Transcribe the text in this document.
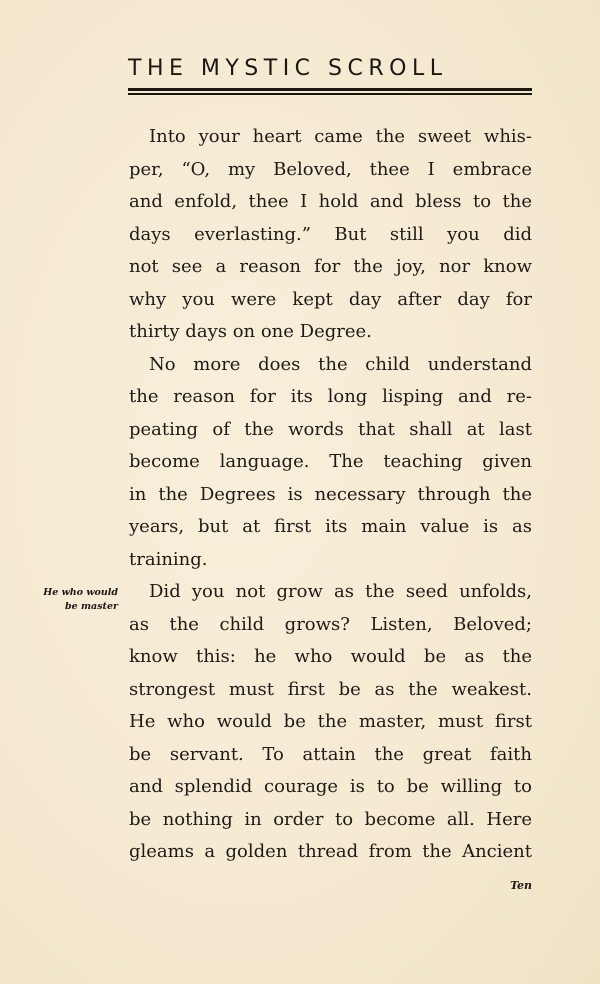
THE MYSTIC SCROLL

Into your heart came the sweet whis-
per, “O, my Beloved, thee I embrace
and enfold, thee I hold and bless to the
days everlasting.” But still you did
not see a reason for the joy, nor know
why you were kept day after day for
thirty days on one Degree.

No more does the child understand
the reason for its long lisping and re-
peating of the words that shall at last
become language. The teaching given
in the Degrees is necessary through the
years, but at first its main value is as
training.

Did you not grow as the seed unfolds,
as the child grows? Listen, Beloved;
know this: he who would be as the
strongest must first be as the weakest.
He who would be the master, must first
be servant. To attain the great faith
and splendid courage is to be willing to
be nothing in order to become all. Here
gleams a golden thread from the Ancient

He who would
be master
Ten
